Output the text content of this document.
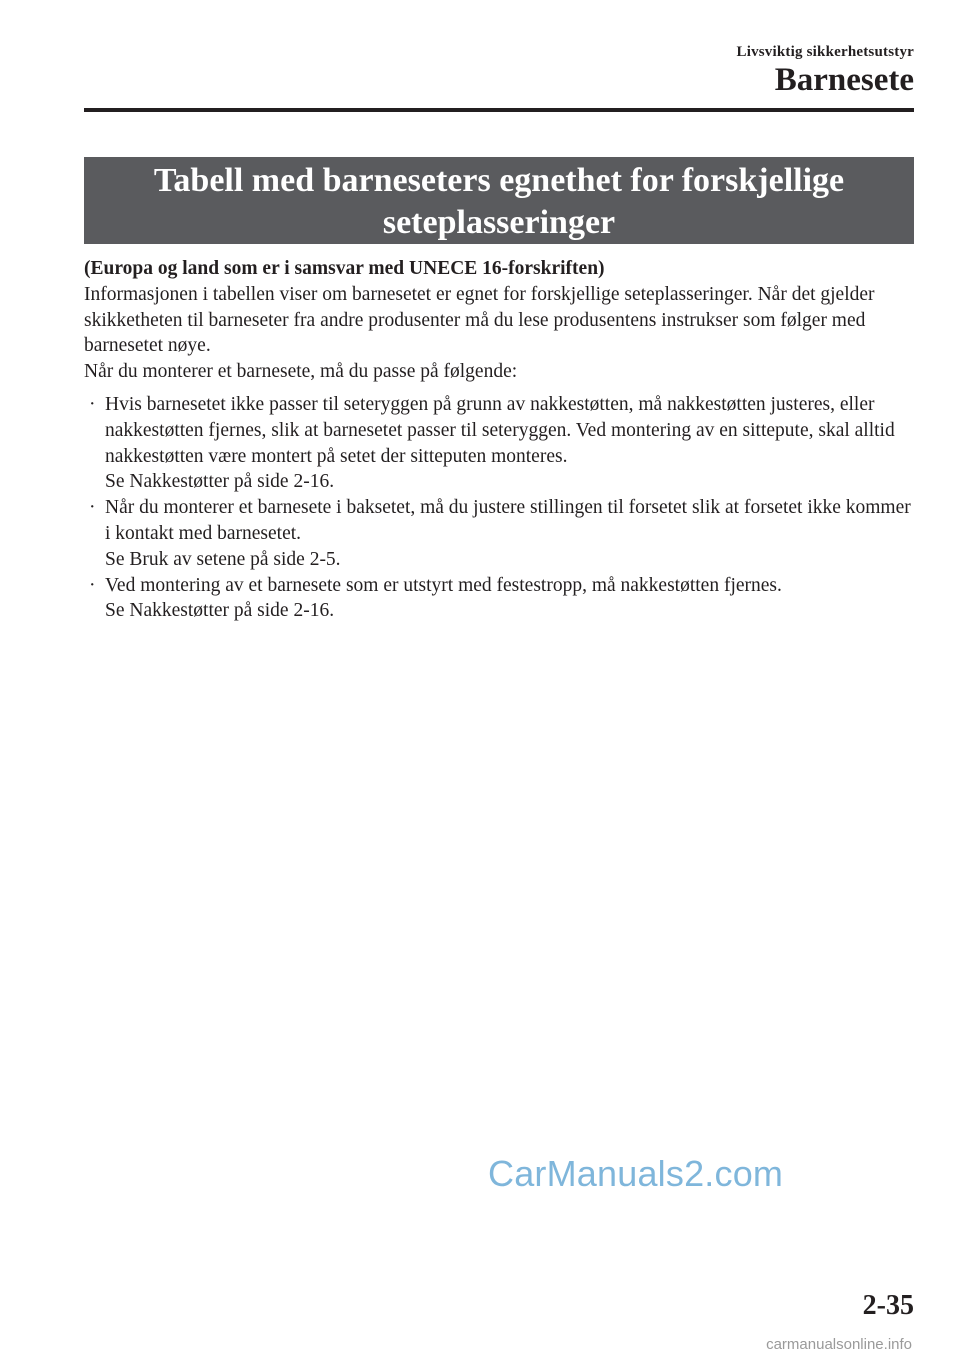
Livsviktig sikkerhetsutstyr
Barnesete
Tabell med barneseters egnethet for forskjellige
seteplasseringer

(Europa og land som er i samsvar med UNECE 16-forskriften)

Informasjonen i tabellen viser om barnesetet er egnet for forskjellige seteplasseringer. Når det gjelder skikketheten til barneseter fra andre produsenter må du lese produsentens instrukser som følger med barnesetet nøye.

Når du monterer et barnesete, må du passe på følgende:

· Hvis barnesetet ikke passer til seteryggen på grunn av nakkestøtten, må nakkestøtten justeres, eller nakkestøtten fjernes, slik at barnesetet passer til seteryggen. Ved montering av en sittepute, skal alltid nakkestøtten være montert på setet der sitteputen monteres.
Se Nakkestøtter på side 2-16.
· Når du monterer et barnesete i baksetet, må du justere stillingen til forsetet slik at forsetet ikke kommer i kontakt med barnesetet.
Se Bruk av setene på side 2-5.
· Ved montering av et barnesete som er utstyrt med festestropp, må nakkestøtten fjernes.
Se Nakkestøtter på side 2-16.
CarManuals2.com
2-35
carmanualsonline.info
